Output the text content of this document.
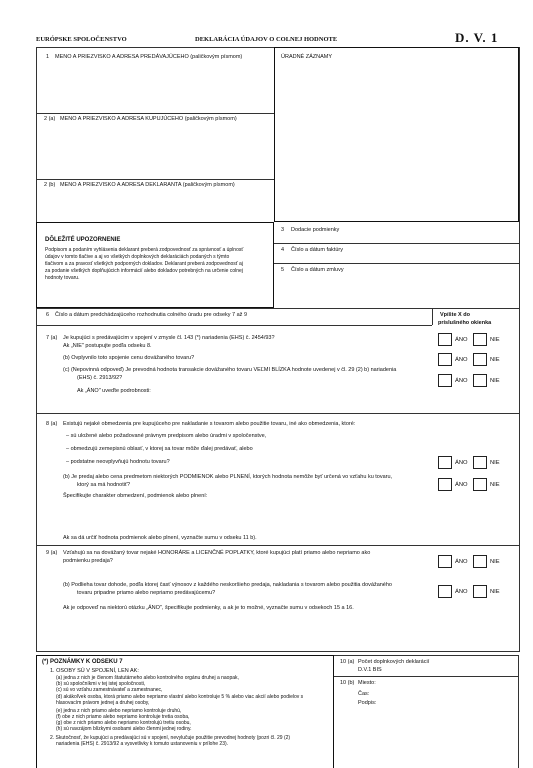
EURÓPSKE SPOLOČENSTVO	DEKLARÁCIA ÚDAJOV O COLNEJ HODNOTE	D. V. 1
1 MENO A PRIEZVISKO A ADRESA PREDÁVAJÚCEHO (paličkovým písmom)	ÚRADNÉ ZÁZNAMY
2 (a) MENO A PRIEZVISKO A ADRESA KUPUJÚCEHO (paličkovým písmom)
2 (b) MENO A PRIEZVISKO A ADRESA DEKLARANTA (paličkovým písmom)
DÔLEŽITÉ UPOZORNENIE
Podpisom a podaním vyhlásenia deklarant preberá zodpovednosť za správnosť a úplnosť
údajov v tomto tlačive a aj vo všetkých doplnkových deklaráciách podaných s týmto
tlačivom a za pravosť všetkých podporných dokladov. Deklarant preberá zodpovednosť aj
za podanie všetkých doplňujúcich informácií alebo dokladov potrebných na určenie colnej
hodnoty tovaru.
3 Dodacie podmienky
4 Číslo a dátum faktúry
5 Číslo a dátum zmluvy
6 Číslo a dátum predchádzajúceho rozhodnutia colného úradu pre odseky 7 až 9	Vpíšte X do
príslušného okienka
7 (a) Je kupujúci s predávajúcim v spojení v zmysle čl. 143 (*) nariadenia (EHS) č. 2454/93?
Ak „NIE" postupujte podľa odseku 8.
(b) Ovplyvnilo toto spojenie cenu dovážaného tovaru?
(c) (Nepovinná odpoveď) Je prevodná hodnota transakcie dovážaného tovaru VEĽMI BLÍZKA hodnote uvedenej v čl. 29 (2) b) nariadenia
(EHS) č. 2913/92?
Ak „ÁNO" uveďte podrobnosti:
ÁNO	NIE
ÁNO	NIE
ÁNO	NIE
8 (a) Existujú nejaké obmedzenia pre kupujúceho pre nakladanie s tovarom alebo použitie tovaru, iné ako obmedzenia, ktoré:
– sú uložené alebo požadované právnym predpisom alebo úradmi v spoločenstve,
– obmedzujú zemepisnú oblasť, v ktorej sa tovar môže ďalej predávať, alebo
– podstatne neovplyvňujú hodnotu tovaru?
(b) Je predaj alebo cena predmetom niektorých PODMIENOK alebo PLNENÍ, ktorých hodnota nemôže byť určená vo vzťahu ku tovaru,
ktorý sa má hodnotiť?
Špecifikujte charakter obmedzení, podmienok alebo plnení:
Ak sa dá určiť hodnota podmienok alebo plnení, vyznačte sumu v odseku 11 b).
ÁNO	NIE
ÁNO	NIE
9 (a) Vzťahujú sa na dovážaný tovar nejaké HONORÁRE a LICENČNÉ POPLATKY, ktoré kupujúci platí priamo alebo nepriamo ako
podmienku predaja?
(b) Podlieha tovar dohode, podľa ktorej časť výnosov z každého neskoršieho predaja, nakladania s tovarom alebo použitia dovážaného
tovaru pripadne priamo alebo nepriamo predávajúcemu?
Ak je odpoveď na niektorú otázku „ÁNO", špecifikujte podmienky, a ak je to možné, vyznačte sumu v odsekoch 15 a 16.
ÁNO	NIE
ÁNO	NIE
(*) POZNÁMKY K ODSEKU 7
1. OSOBY SÚ V SPOJENÍ, LEN AK:
(a) jedna z nich je členom štatutárneho alebo kontrolného orgánu druhej a naopak,
(b) sú spoločníkmi v tej istej spoločnosti,
(c) sú vo vzťahu zamestnávateľ a zamestnanec,
(d) akákoľvek osoba, ktorá priamo alebo nepriamo vlastní alebo kontroluje 5 % alebo viac akcií alebo podielov s
hlasovacím právom jednej a druhej osoby,
(e) jedna z nich priamo alebo nepriamo kontroluje druhú,
(f) obe z nich priamo alebo nepriamo kontroluje tretia osoba,
(g) obe z nich priamo alebo nepriamo kontrolujú tretiu osobu,
(h) sú navzájom blízkymi osobami alebo členmi jednej rodiny.
2. Skutočnosť, že kupujúci a predávajúci sú v spojení, nevylučuje použitie prevodnej hodnoty (pozri čl. 29 (2)
nariadenia (EHS) č. 2913/92 a vysvetlivky k tomuto ustanoveniu v prílohe 23).
10 (a) Počet doplnkových deklarácií
D.V.1 BIS
10 (b) Miesto:
Čas:
Podpis:
